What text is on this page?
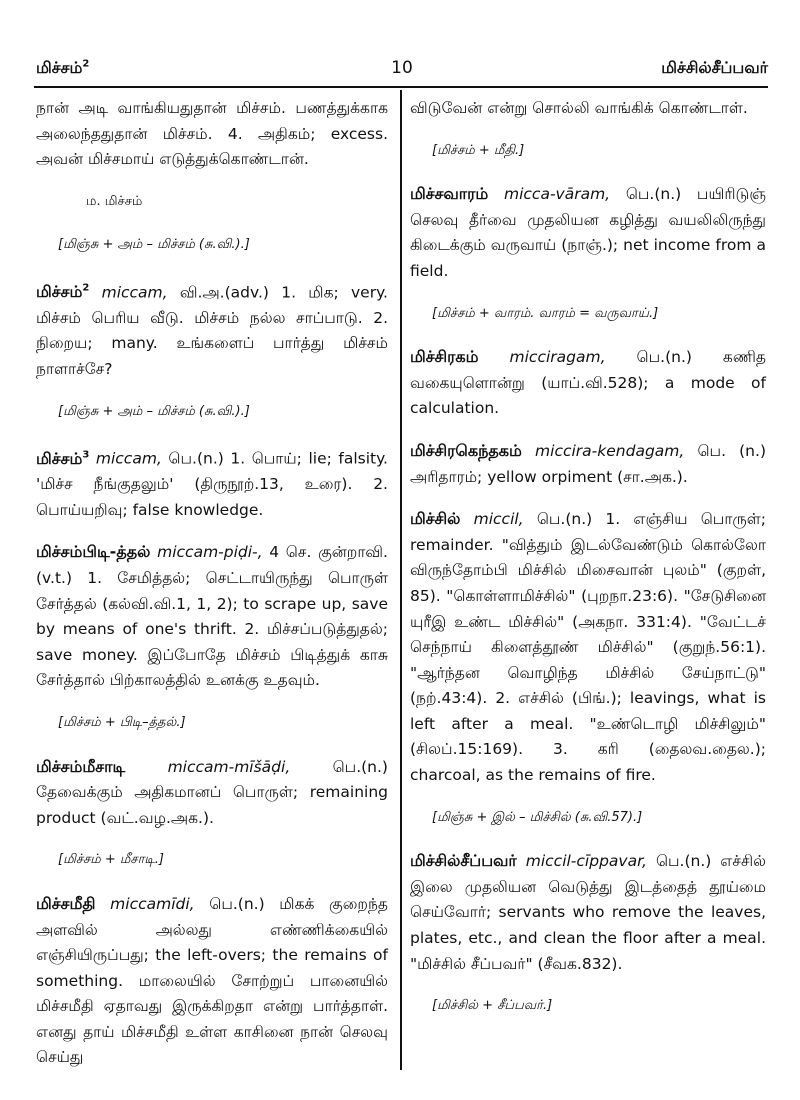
மிச்சம்$^2$	10	மிச்சில்சீப்பவர்

நான் அடி வாங்கியதுதான் மிச்சம். பணத்துக்காக அலைந்ததுதான் மிச்சம். 4. அதிகம்; excess. அவன் மிச்சமாய் எடுத்துக்கொண்டான்.

ம. மிச்சம்
[மிஞ்சு + அம் – மிச்சம் (சு.வி.).]

மிச்சம்$^2$ miccam, வி.அ.(adv.) 1. மிக; very. மிச்சம் பெரிய வீடு. மிச்சம் நல்ல சாப்பாடு. 2. நிறைய; many. உங்களைப் பார்த்து மிச்சம் நாளாச்சே?

[மிஞ்சு + அம் – மிச்சம் (சு.வி.).]

மிச்சம்$^3$ miccam, பெ.(n.) 1. பொய்; lie; falsity. 'மிச்ச நீங்குதலும்' (திருநூற்.13, உரை). 2. பொய்யறிவு; false knowledge.

மிச்சம்பிடி-த்தல் miccam-piḍi-, 4 செ. குன்றாவி. (v.t.) 1. சேமித்தல்; செட்டாயிருந்து பொருள் சேர்த்தல் (கல்வி.வி.1, 1, 2); to scrape up, save by means of one's thrift. 2. மிச்சப்படுத்துதல்; save money. இப்போதே மிச்சம் பிடித்துக் காசு சேர்த்தால் பிற்காலத்தில் உனக்கு உதவும்.

[மிச்சம் + பிடி–த்தல்.]

மிச்சம்மீசாடி	miccam-mīšāḍi,	பெ.(n.) தேவைக்கும் அதிகமானப் பொருள்; remaining product (வட்.வழ.அக.).

[மிச்சம் + மீசாடி.]

மிச்சமீதி miccamīdi, பெ.(n.) மிகக் குறைந்த அளவில் அல்லது எண்ணிக்கையில் எஞ்சியிருப்பது; the left-overs; the remains of something. மாலையில் சோற்றுப் பானையில் மிச்சமீதி ஏதாவது இருக்கிறதா என்று பார்த்தாள். எனது தாய் மிச்சமீதி உள்ள காசினை நான் செலவு செய்து

விடுவேன் என்று சொல்லி வாங்கிக் கொண்டாள்.

[மிச்சம் + மீதி.]

மிச்சவாரம் micca-vāram, பெ.(n.) பயிரிடுஞ் செலவு தீர்வை முதலியன கழித்து வயலிலிருந்து கிடைக்கும் வருவாய் (நாஞ்.); net income from a field.

[மிச்சம் + வாரம். வாரம் = வருவாய்.]

மிச்சிரகம் micciragam, பெ.(n.) கணித வகையுளொன்று (யாப்.வி.528); a mode of calculation.

மிச்சிரகெந்தகம் miccira-kendagam, பெ. (n.) அரிதாரம்; yellow orpiment (சா.அக.).

மிச்சில் miccil, பெ.(n.) 1. எஞ்சிய பொருள்; remainder. "வித்தும் இடல்வேண்டும் கொல்லோ விருந்தோம்பி மிச்சில் மிசைவான் புலம்" (குறள், 85). "கொள்ளாமிச்சில்" (புறநா.23:6). "சேடுசினை யுரீஇ உண்ட மிச்சில்" (அகநா. 331:4). "வேட்டச் செந்நாய் கிளைத்தூண் மிச்சில்" (குறுந்.56:1). "ஆர்ந்தன வொழிந்த மிச்சில் சேய்நாட்டு" (நற்.43:4). 2. எச்சில் (பிங்.); leavings, what is left after a meal. "உண்டொழி மிச்சிலும்" (சிலப்.15:169). 3. கரி (தைலவ.தைல.); charcoal, as the remains of fire.

[மிஞ்சு + இல் – மிச்சில் (சு.வி.57).]

மிச்சில்சீப்பவர் miccil-cīppavar, பெ.(n.) எச்சில் இலை முதலியன வெடுத்து இடத்தைத் தூய்மை செய்வோர்; servants who remove the leaves, plates, etc., and clean the floor after a meal. "மிச்சில் சீப்பவர்" (சீவக.832).

[மிச்சில் + சீப்பவர்.]
